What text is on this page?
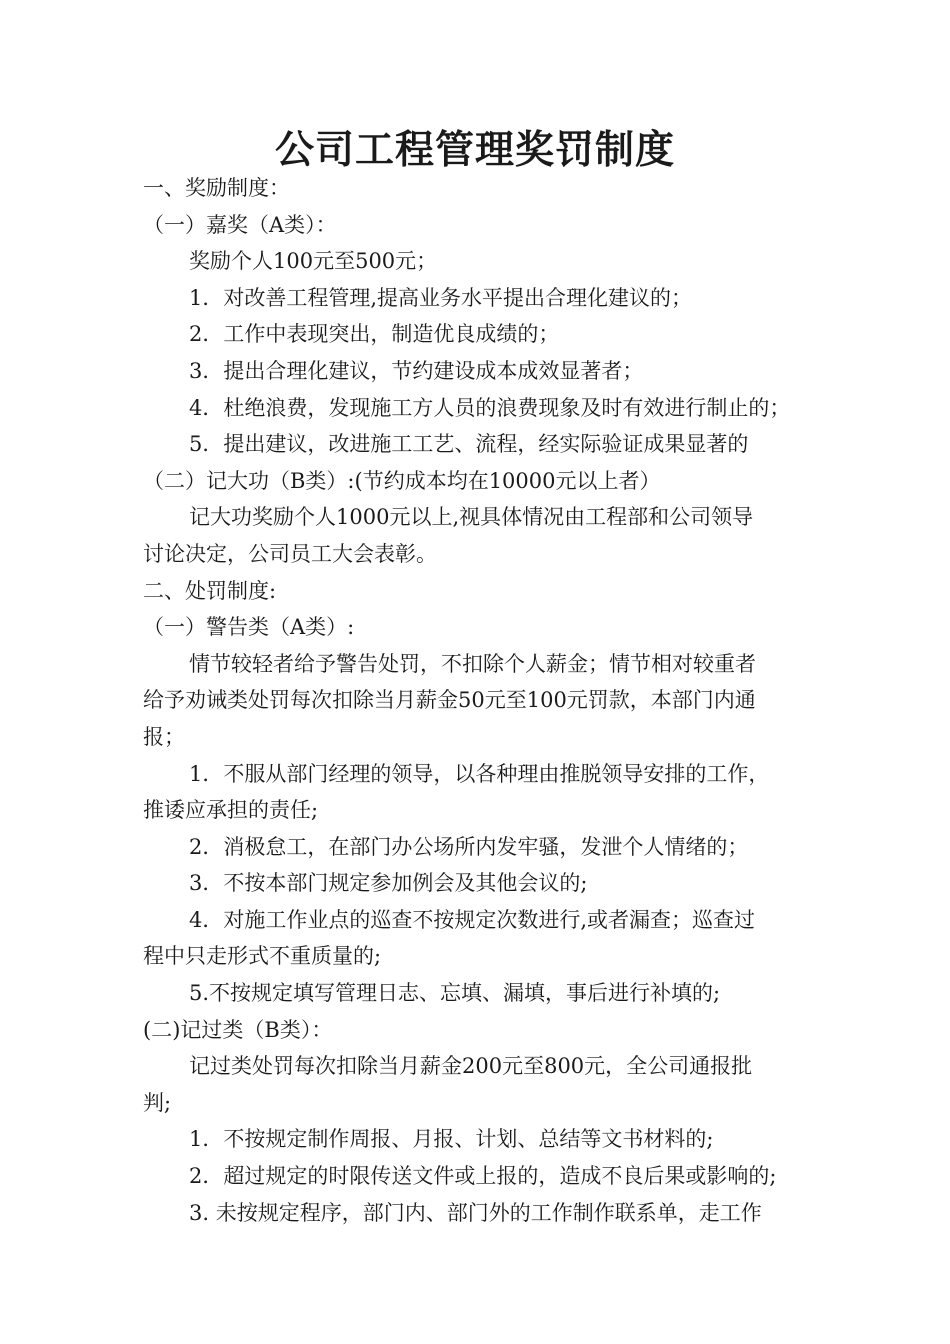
公司工程管理奖罚制度
一、奖励制度：
（一）嘉奖（A类）：
奖励个人100元至500元；
1．对改善工程管理,提高业务水平提出合理化建议的；
2．工作中表现突出，制造优良成绩的；
3．提出合理化建议，节约建设成本成效显著者；
4．杜绝浪费，发现施工方人员的浪费现象及时有效进行制止的；
5．提出建议，改进施工工艺、流程，经实际验证成果显著的
（二）记大功（B类）:(节约成本均在10000元以上者）
记大功奖励个人1000元以上,视具体情况由工程部和公司领导
讨论决定，公司员工大会表彰。
二、处罚制度:
（一）警告类（A类）:
情节较轻者给予警告处罚，不扣除个人薪金；情节相对较重者
给予劝诫类处罚每次扣除当月薪金50元至100元罚款，本部门内通
报；
1．不服从部门经理的领导，以各种理由推脱领导安排的工作，
推诿应承担的责任;
2．消极怠工，在部门办公场所内发牢骚，发泄个人情绪的；
3．不按本部门规定参加例会及其他会议的;
4．对施工作业点的巡查不按规定次数进行,或者漏查；巡查过
程中只走形式不重质量的;
5.不按规定填写管理日志、忘填、漏填，事后进行补填的;
(二)记过类（B类）：
记过类处罚每次扣除当月薪金200元至800元，全公司通报批
判;
1．不按规定制作周报、月报、计划、总结等文书材料的;
2．超过规定的时限传送文件或上报的，造成不良后果或影响的;
3. 未按规定程序，部门内、部门外的工作制作联系单，走工作
